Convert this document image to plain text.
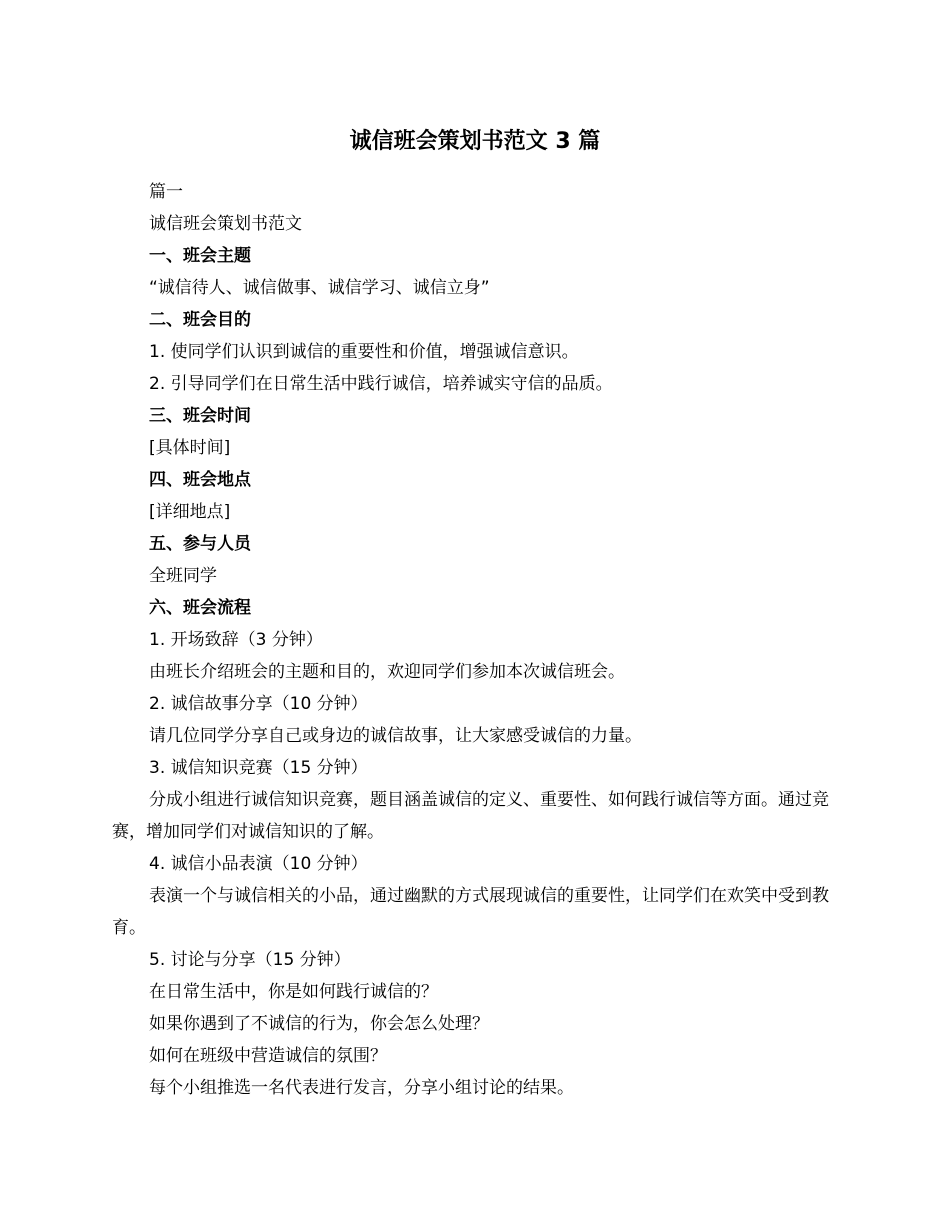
诚信班会策划书范文 3 篇

篇一

诚信班会策划书范文

一、班会主题

“诚信待人、诚信做事、诚信学习、诚信立身”

二、班会目的

1. 使同学们认识到诚信的重要性和价值，增强诚信意识。

2. 引导同学们在日常生活中践行诚信，培养诚实守信的品质。

三、班会时间

[具体时间]

四、班会地点

[详细地点]

五、参与人员

全班同学

六、班会流程

1. 开场致辞（3 分钟）

由班长介绍班会的主题和目的，欢迎同学们参加本次诚信班会。

2. 诚信故事分享（10 分钟）

请几位同学分享自己或身边的诚信故事，让大家感受诚信的力量。

3. 诚信知识竞赛（15 分钟）

分成小组进行诚信知识竞赛，题目涵盖诚信的定义、重要性、如何践行诚信等方面。通过竞赛，增加同学们对诚信知识的了解。

4. 诚信小品表演（10 分钟）

表演一个与诚信相关的小品，通过幽默的方式展现诚信的重要性，让同学们在欢笑中受到教育。

5. 讨论与分享（15 分钟）

在日常生活中，你是如何践行诚信的？

如果你遇到了不诚信的行为，你会怎么处理？

如何在班级中营造诚信的氛围？

每个小组推选一名代表进行发言，分享小组讨论的结果。
